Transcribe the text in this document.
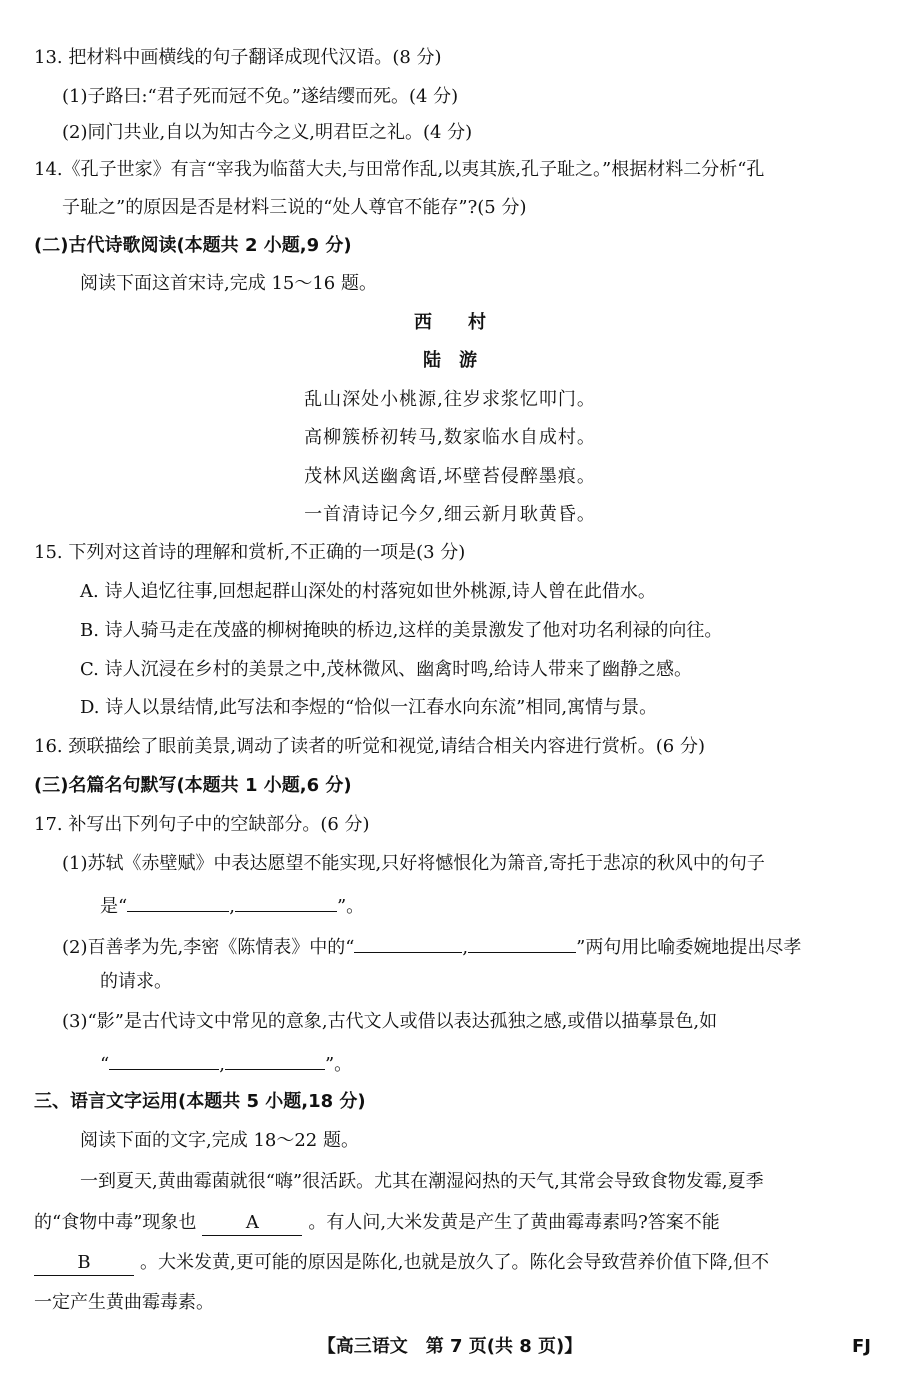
13. 把材料中画横线的句子翻译成现代汉语。(8 分)
(1)子路曰:“君子死而冠不免。”遂结缨而死。(4 分)
(2)同门共业,自以为知古今之义,明君臣之礼。(4 分)
14.《孔子世家》有言“宰我为临菑大夫,与田常作乱,以夷其族,孔子耻之。”根据材料二分析“孔
子耻之”的原因是否是材料三说的“处人尊官不能存”?(5 分)
(二)古代诗歌阅读(本题共 2 小题,9 分)
阅读下面这首宋诗,完成 15～16 题。
西　　村
陆　游
乱山深处小桃源,往岁求浆忆叩门。
高柳簇桥初转马,数家临水自成村。
茂林风送幽禽语,坏壁苔侵醉墨痕。
一首清诗记今夕,细云新月耿黄昏。
15. 下列对这首诗的理解和赏析,不正确的一项是(3 分)
A. 诗人追忆往事,回想起群山深处的村落宛如世外桃源,诗人曾在此借水。
B. 诗人骑马走在茂盛的柳树掩映的桥边,这样的美景激发了他对功名利禄的向往。
C. 诗人沉浸在乡村的美景之中,茂林微风、幽禽时鸣,给诗人带来了幽静之感。
D. 诗人以景结情,此写法和李煜的“恰似一江春水向东流”相同,寓情与景。
16. 颈联描绘了眼前美景,调动了读者的听觉和视觉,请结合相关内容进行赏析。(6 分)
(三)名篇名句默写(本题共 1 小题,6 分)
17. 补写出下列句子中的空缺部分。(6 分)
(1)苏轼《赤壁赋》中表达愿望不能实现,只好将憾恨化为箫音,寄托于悲凉的秋风中的句子
是“	,	”。
(2)百善孝为先,李密《陈情表》中的“	,	”两句用比喻委婉地提出尽孝
的请求。
(3)“影”是古代诗文中常见的意象,古代文人或借以表达孤独之感,或借以描摹景色,如
“	,	”。
三、语言文字运用(本题共 5 小题,18 分)
阅读下面的文字,完成 18～22 题。
一到夏天,黄曲霉菌就很“嗨”很活跃。尤其在潮湿闷热的天气,其常会导致食物发霉,夏季
的“食物中毒”现象也	A	。有人问,大米发黄是产生了黄曲霉毒素吗?答案不能
B	。大米发黄,更可能的原因是陈化,也就是放久了。陈化会导致营养价值下降,但不
一定产生黄曲霉毒素。
【高三语文　第 7 页(共 8 页)】	FJ
